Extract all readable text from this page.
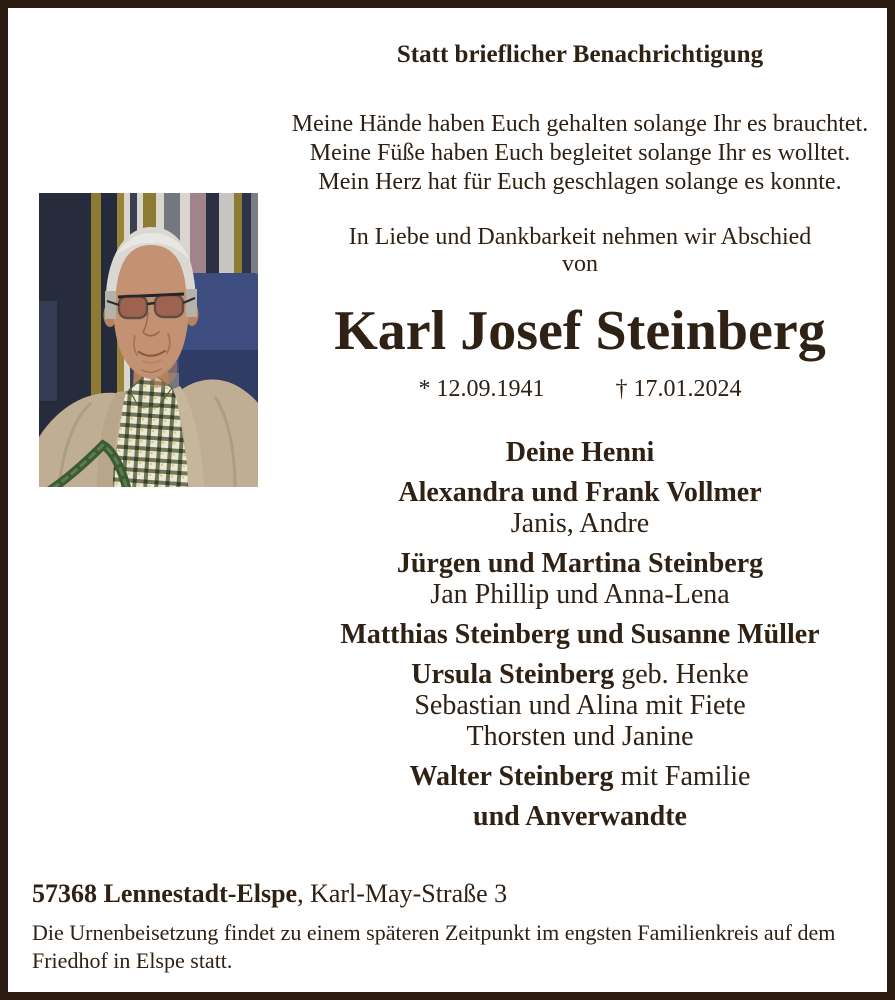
Statt brieflicher Benachrichtigung
Meine Hände haben Euch gehalten solange Ihr es brauchtet.
Meine Füße haben Euch begleitet solange Ihr es wolltet.
Mein Herz hat für Euch geschlagen solange es konnte.
In Liebe und Dankbarkeit nehmen wir Abschied
von
Karl Josef Steinberg
* 12.09.1941	† 17.01.2024
Deine Henni
Alexandra und Frank Vollmer
Janis, Andre
Jürgen und Martina Steinberg
Jan Phillip und Anna-Lena
Matthias Steinberg und Susanne Müller
Ursula Steinberg geb. Henke
Sebastian und Alina mit Fiete
Thorsten und Janine
Walter Steinberg mit Familie
und Anverwandte
57368 Lennestadt-Elspe, Karl-May-Straße 3
Die Urnenbeisetzung findet zu einem späteren Zeitpunkt im engsten Familienkreis auf dem
Friedhof in Elspe statt.
